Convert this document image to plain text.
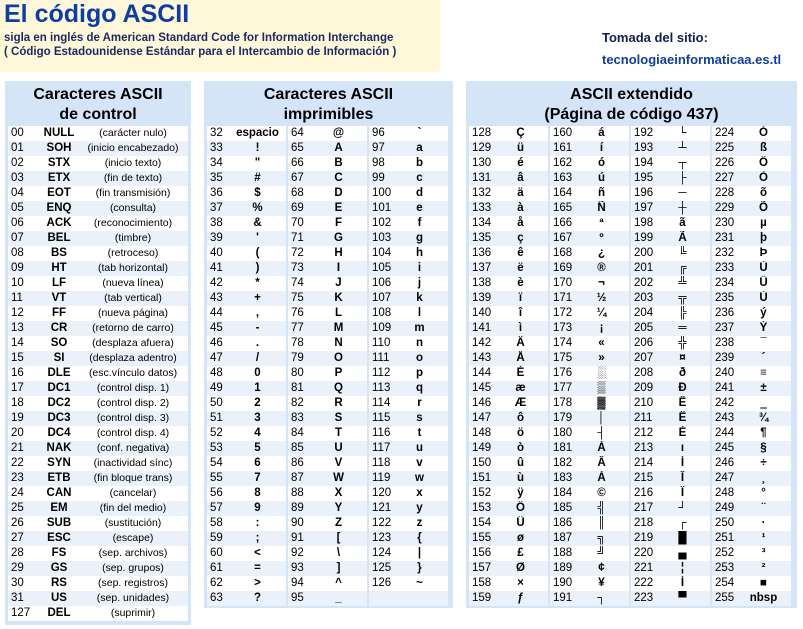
El código ASCII
sigla en inglés de American Standard Code for Information Interchange
( Código Estadounidense Estándar para el Intercambio de Información )
Tomada del sitio:
tecnologiaeinformaticaa.es.tl
Caracteres ASCII
de control
00	NULL	(carácter nulo)
01	SOH	(inicio encabezado)
02	STX	(inicio texto)
03	ETX	(fin de texto)
04	EOT	(fin transmisión)
05	ENQ	(consulta)
06	ACK	(reconocimiento)
07	BEL	(timbre)
08	BS	(retroceso)
09	HT	(tab horizontal)
10	LF	(nueva línea)
11	VT	(tab vertical)
12	FF	(nueva página)
13	CR	(retorno de carro)
14	SO	(desplaza afuera)
15	SI	(desplaza adentro)
16	DLE	(esc.vínculo datos)
17	DC1	(control disp. 1)
18	DC2	(control disp. 2)
19	DC3	(control disp. 3)
20	DC4	(control disp. 4)
21	NAK	(conf. negativa)
22	SYN	(inactividad sínc)
23	ETB	(fin bloque trans)
24	CAN	(cancelar)
25	EM	(fin del medio)
26	SUB	(sustitución)
27	ESC	(escape)
28	FS	(sep. archivos)
29	GS	(sep. grupos)
30	RS	(sep. registros)
31	US	(sep. unidades)
127	DEL	(suprimir)
Caracteres ASCII
imprimibles
32	espacio
33	!
34	"
35	#
36	$
37	%
38	&
39	'
40	(
41	)
42	*
43	+
44	,
45	-
46	.
47	/
48	0
49	1
50	2
51	3
52	4
53	5
54	6
55	7
56	8
57	9
58	:
59	;
60	<
61	=
62	>
63	?
64	@
65	A
66	B
67	C
68	D
69	E
70	F
71	G
72	H
73	I
74	J
75	K
76	L
77	M
78	N
79	O
80	P
81	Q
82	R
83	S
84	T
85	U
86	V
87	W
88	X
89	Y
90	Z
91	[
92	\
93	]
94	^
95	_
96	`
97	a
98	b
99	c
100	d
101	e
102	f
103	g
104	h
105	i
106	j
107	k
108	l
109	m
110	n
111	o
112	p
113	q
114	r
115	s
116	t
117	u
118	v
119	w
120	x
121	y
122	z
123	{
124	|
125	}
126	~
ASCII extendido
(Página de código 437)
128	Ç
129	ü
130	é
131	â
132	ä
133	à
134	å
135	ç
136	ê
137	ë
138	è
139	ï
140	î
141	ì
142	Ä
143	Å
144	É
145	æ
146	Æ
147	ô
148	ö
149	ò
150	û
151	ù
152	ÿ
153	Ö
154	Ü
155	ø
156	£
157	Ø
158	×
159	ƒ
160	á
161	í
162	ó
163	ú
164	ñ
165	Ñ
166	ª
167	º
168	¿
169	®
170	¬
171	½
172	¼
173	¡
174	«
175	»
176	░
177	▒
178	▓
179	│
180	┤
181	Á
182	Â
183	À
184	©
185	╣
186	║
187	╗
188	╝
189	¢
190	¥
191	┐
192	└
193	┴
194	┬
195	├
196	─
197	┼
198	ã
199	Ã
200	╚
201	╔
202	╩
203	╦
204	╠
205	═
206	╬
207	¤
208	ð
209	Ð
210	Ê
211	Ë
212	È
213	ı
214	Í
215	Î
216	Ï
217	┘
218	┌
219	█
220	▄
221	¦
222	Ì
223	▀
224	Ó
225	ß
226	Ô
227	Ò
228	õ
229	Õ
230	µ
231	þ
232	Þ
233	Ú
234	Û
235	Ù
236	ý
237	Ý
238	¯
239	´
240	≡
241	±
242	‗
243	¾
244	¶
245	§
246	÷
247	¸
248	°
249	¨
250	·
251	¹
252	³
253	²
254	■
255	nbsp
